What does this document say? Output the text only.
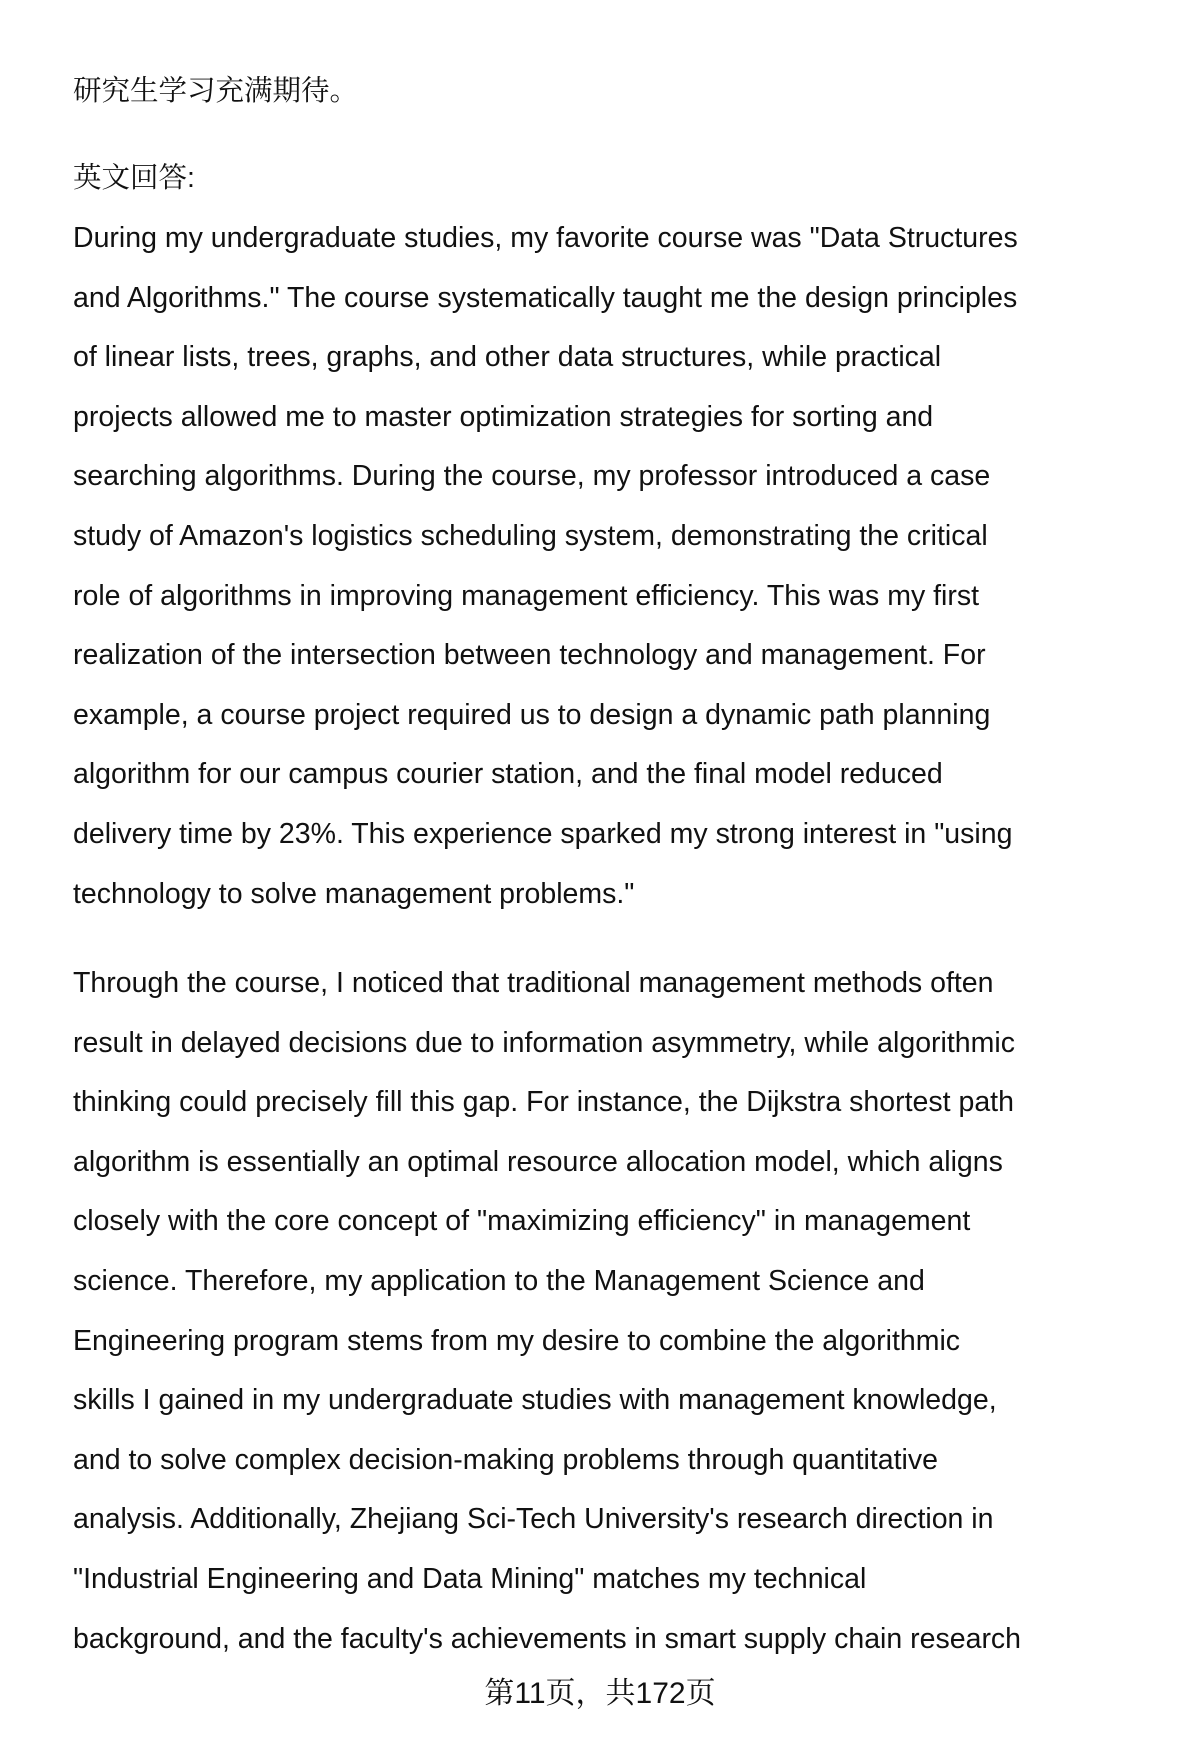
研究生学习充满期待。
英文回答:
During my undergraduate studies, my favorite course was "Data Structures
and Algorithms." The course systematically taught me the design principles
of linear lists, trees, graphs, and other data structures, while practical
projects allowed me to master optimization strategies for sorting and
searching algorithms. During the course, my professor introduced a case
study of Amazon's logistics scheduling system, demonstrating the critical
role of algorithms in improving management efficiency. This was my first
realization of the intersection between technology and management. For
example, a course project required us to design a dynamic path planning
algorithm for our campus courier station, and the final model reduced
delivery time by 23%. This experience sparked my strong interest in "using
technology to solve management problems."
Through the course, I noticed that traditional management methods often
result in delayed decisions due to information asymmetry, while algorithmic
thinking could precisely fill this gap. For instance, the Dijkstra shortest path
algorithm is essentially an optimal resource allocation model, which aligns
closely with the core concept of "maximizing efficiency" in management
science. Therefore, my application to the Management Science and
Engineering program stems from my desire to combine the algorithmic
skills I gained in my undergraduate studies with management knowledge,
and to solve complex decision-making problems through quantitative
analysis. Additionally, Zhejiang Sci-Tech University's research direction in
"Industrial Engineering and Data Mining" matches my technical
background, and the faculty's achievements in smart supply chain research
第11页，共172页
